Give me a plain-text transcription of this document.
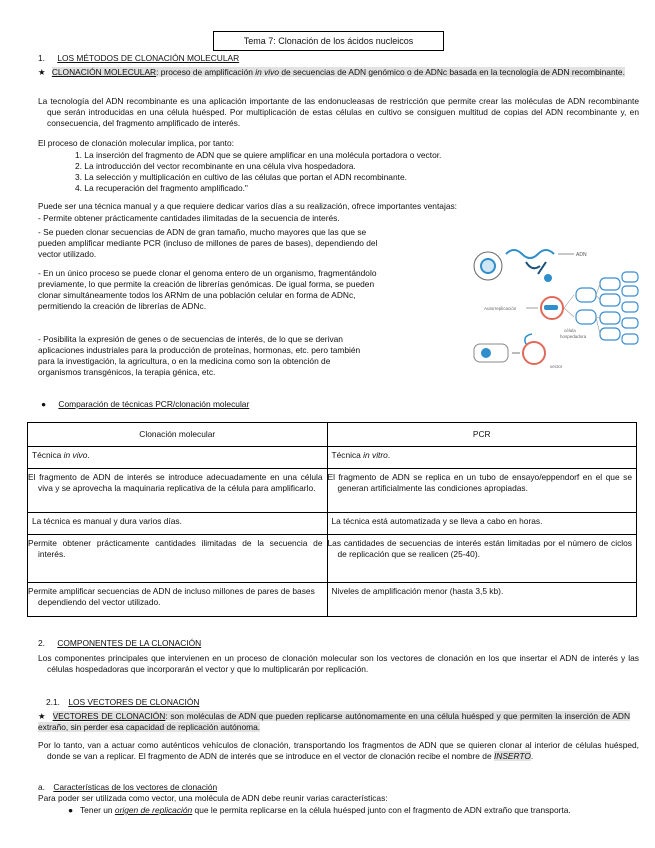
Tema 7: Clonación de los ácidos nucleicos
1. LOS MÉTODOS DE CLONACIÓN MOLECULAR
★ CLONACIÓN MOLECULAR: proceso de amplificación in vivo de secuencias de ADN genómico o de ADNc basada en la tecnología de ADN recombinante.
La tecnología del ADN recombinante es una aplicación importante de las endonucleasas de restricción que permite crear las moléculas de ADN recombinante que serán introducidas en una célula huésped. Por multiplicación de estas células en cultivo se consiguen multitud de copias del ADN recombinante y, en consecuencia, del fragmento amplificado de interés.
El proceso de clonación molecular implica, por tanto:
1. La inserción del fragmento de ADN que se quiere amplificar en una molécula portadora o vector.
2. La introducción del vector recombinante en una célula viva hospedadora.
3. La selección y multiplicación en cultivo de las células que portan el ADN recombinante.
4. La recuperación del fragmento amplificado."
Puede ser una técnica manual y a que requiere dedicar varios días a su realización, ofrece importantes ventajas:
- Permite obtener prácticamente cantidades ilimitadas de la secuencia de interés.
- Se pueden clonar secuencias de ADN de gran tamaño, mucho mayores que las que se pueden amplificar mediante PCR (incluso de millones de pares de bases), dependiendo del vector utilizado.
- En un único proceso se puede clonar el genoma entero de un organismo, fragmentándolo previamente, lo que permite la creación de librerías genómicas. De igual forma, se pueden clonar simultáneamente todos los ARNm de una población celular en forma de ADNc, permitiendo la creación de librerías de ADNc.
- Posibilita la expresión de genes o de secuencias de interés, de lo que se derivan aplicaciones industriales para la producción de proteínas, hormonas, etc. pero también para la investigación, la agricultura, o en la medicina como son la obtención de organismos transgénicos, la terapia génica, etc.
ADN
Autorreplicación
célula
hospedadora
vector
● Comparación de técnicas PCR/clonación molecular
Clonación molecular	PCR
Técnica in vivo.	Técnica in vitro.
El fragmento de ADN de interés se introduce adecuadamente en una célula viva y se aprovecha la maquinaria replicativa de la célula para amplificarlo.	El fragmento de ADN se replica en un tubo de ensayo/eppendorf en el que se generan artificialmente las condiciones apropiadas.
La técnica es manual y dura varios días.	La técnica está automatizada y se lleva a cabo en horas.
Permite obtener prácticamente cantidades ilimitadas de la secuencia de interés.	Las cantidades de secuencias de interés están limitadas por el número de ciclos de replicación que se realicen (25-40).
Permite amplificar secuencias de ADN de incluso millones de pares de bases dependiendo del vector utilizado.	Niveles de amplificación menor (hasta 3,5 kb).
2. COMPONENTES DE LA CLONACIÓN
Los componentes principales que intervienen en un proceso de clonación molecular son los vectores de clonación en los que insertar el ADN de interés y las células hospedadoras que incorporarán el vector y que lo multiplicarán por replicación.
2.1. LOS VECTORES DE CLONACIÓN
★ VECTORES DE CLONACIÓN: son moléculas de ADN que pueden replicarse autónomamente en una célula huésped y que permiten la inserción de ADN extraño, sin perder esa capacidad de replicación autónoma.
Por lo tanto, van a actuar como auténticos vehículos de clonación, transportando los fragmentos de ADN que se quieren clonar al interior de células huésped, donde se van a replicar. El fragmento de ADN de interés que se introduce en el vector de clonación recibe el nombre de INSERTO.
a. Características de los vectores de clonación
Para poder ser utilizada como vector, una molécula de ADN debe reunir varias características:
● Tener un origen de replicación que le permita replicarse en la célula huésped junto con el fragmento de ADN extraño que transporta.
